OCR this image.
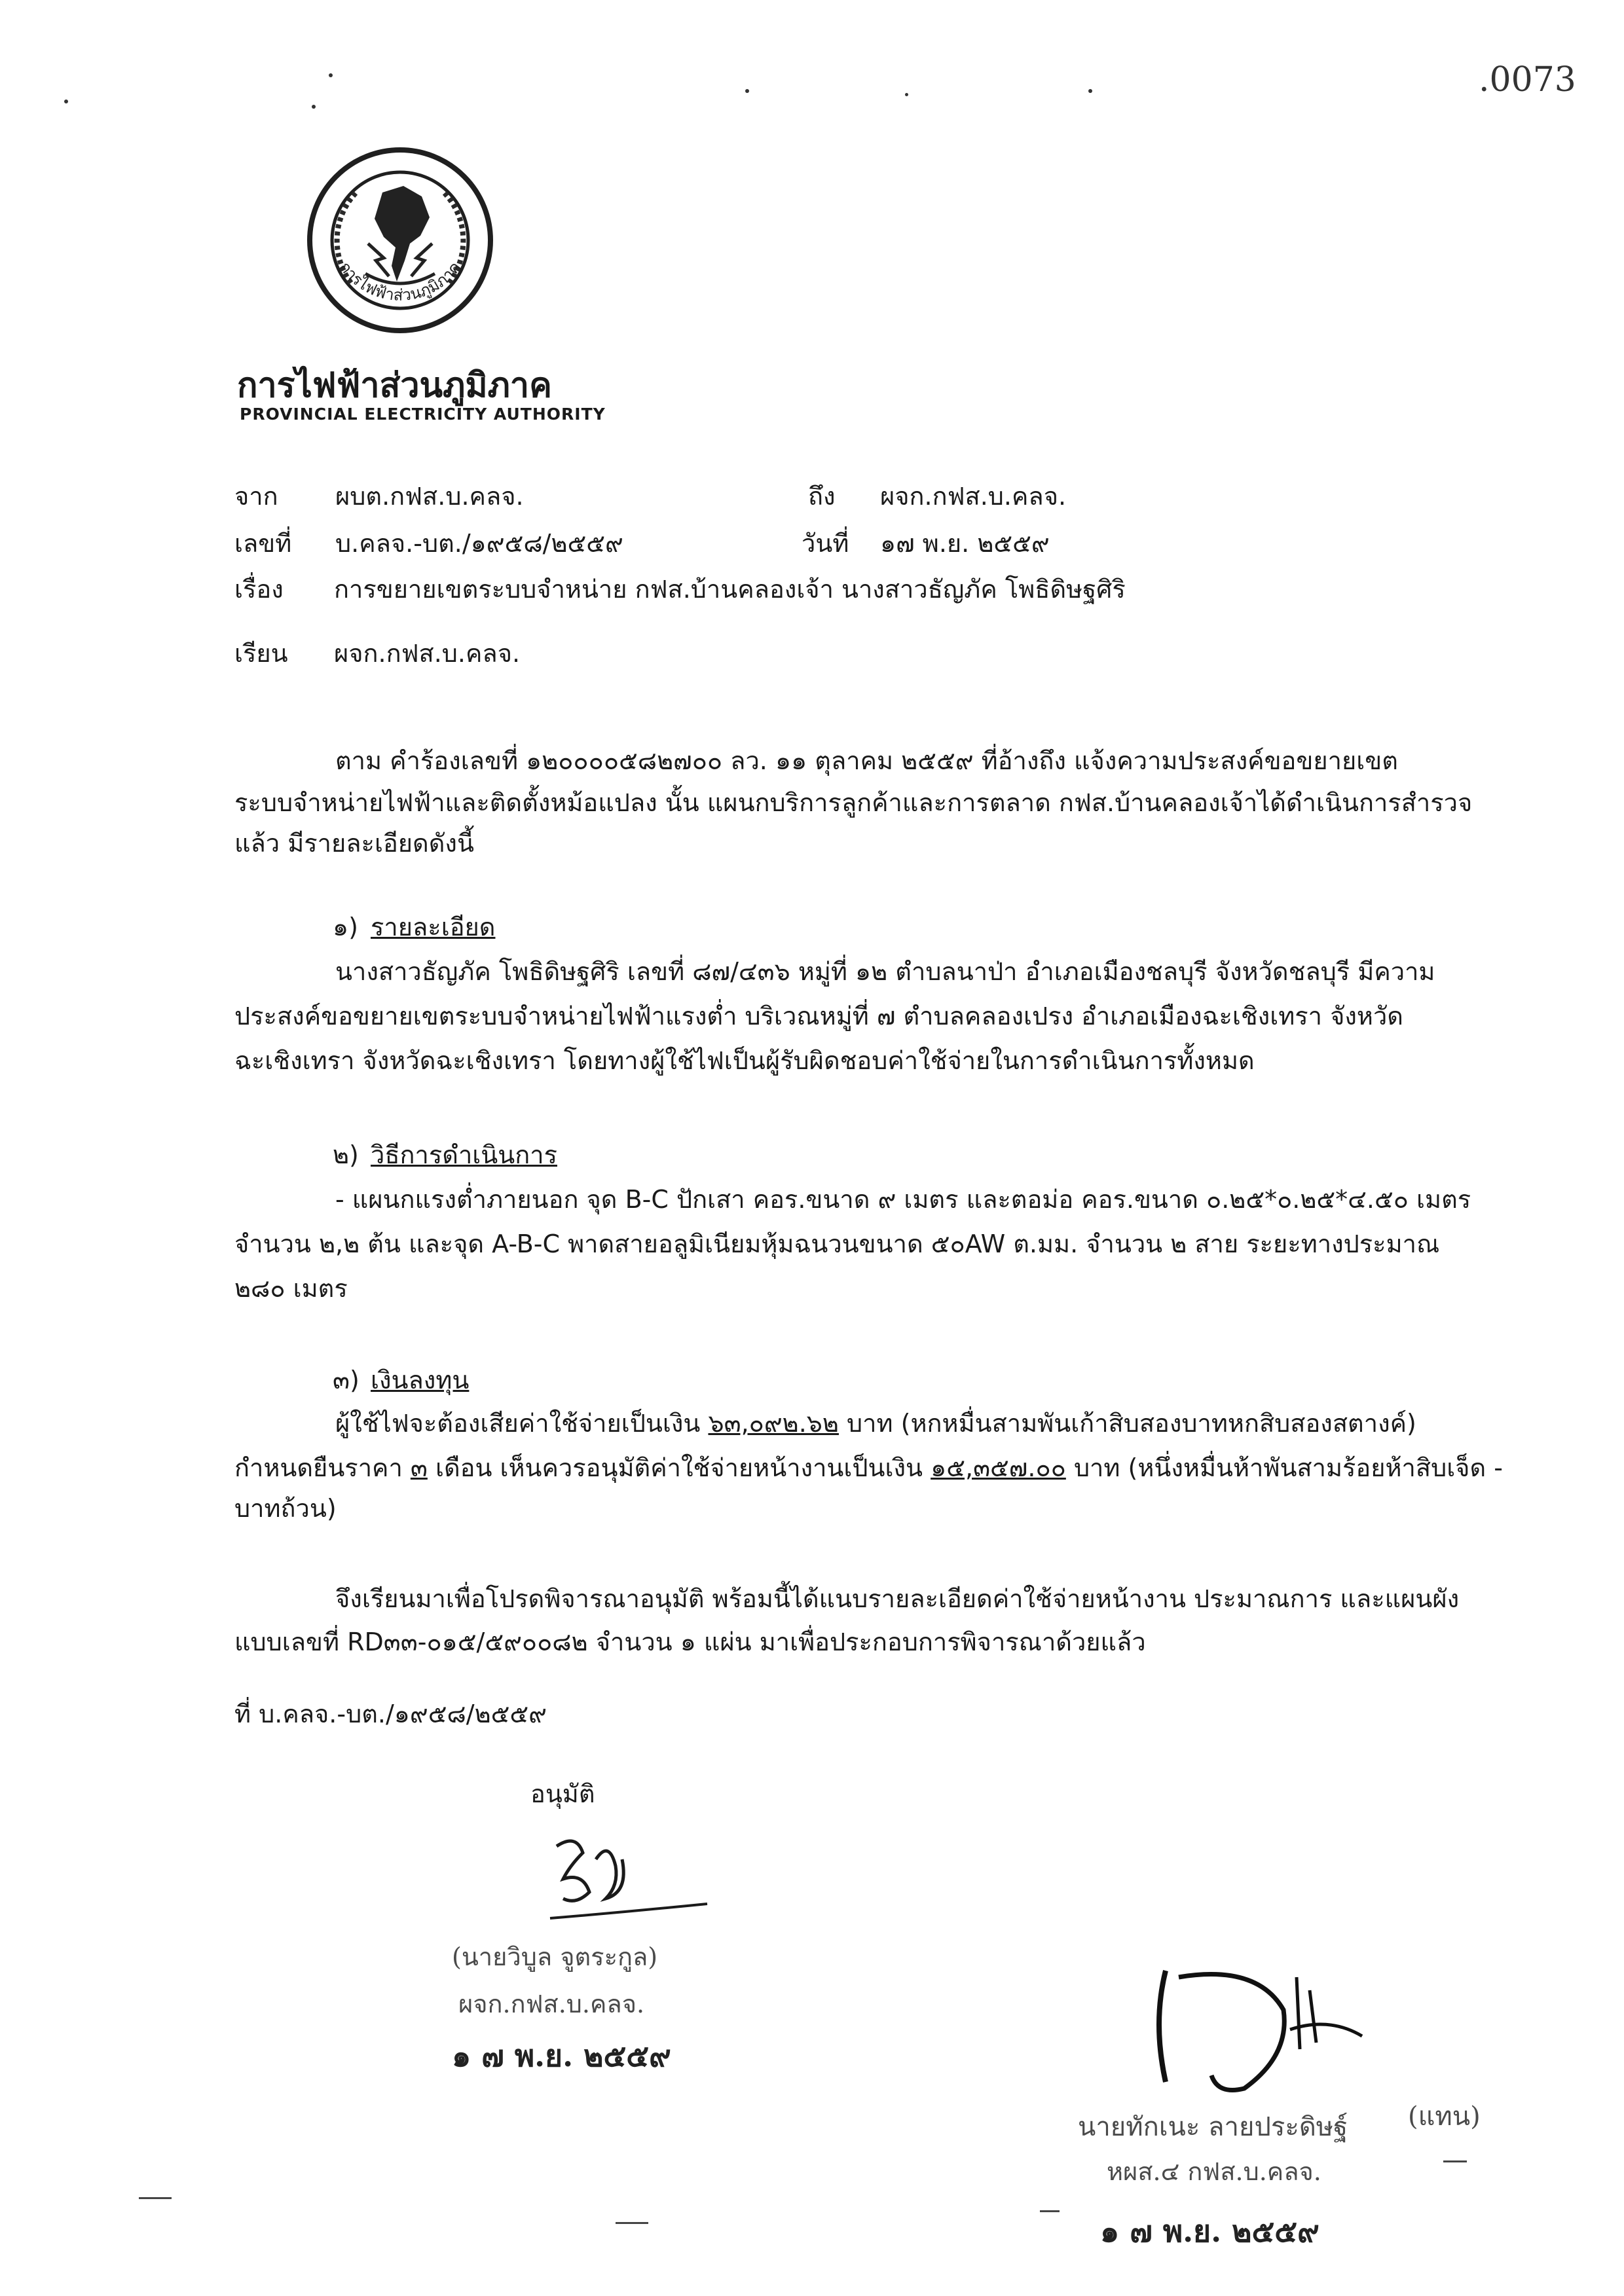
.0073
การไฟฟ้าส่วนภูมิภาค
การไฟฟ้าส่วนภูมิภาค
PROVINCIAL ELECTRICITY AUTHORITY
จาก ผบต.กฟส.บ.คลจ.	ถึง ผจก.กฟส.บ.คลจ.
เลขที่ บ.คลจ.-บต./๑๙๕๘/๒๕๕๙	วันที่ ๑๗ พ.ย. ๒๕๕๙
เรื่อง การขยายเขตระบบจำหน่าย กฟส.บ้านคลองเจ้า นางสาวธัญภัค โพธิดิษฐศิริ
เรียน ผจก.กฟส.บ.คลจ.
ตาม คำร้องเลขที่ ๑๒๐๐๐๐๕๘๒๗๐๐ ลว. ๑๑ ตุลาคม ๒๕๕๙ ที่อ้างถึง แจ้งความประสงค์ขอขยายเขต
ระบบจำหน่ายไฟฟ้าและติดตั้งหม้อแปลง นั้น แผนกบริการลูกค้าและการตลาด กฟส.บ้านคลองเจ้าได้ดำเนินการสำรวจ
แล้ว มีรายละเอียดดังนี้
๑) รายละเอียด
นางสาวธัญภัค โพธิดิษฐศิริ เลขที่ ๘๗/๔๓๖ หมู่ที่ ๑๒ ตำบลนาป่า อำเภอเมืองชลบุรี จังหวัดชลบุรี มีความ
ประสงค์ขอขยายเขตระบบจำหน่ายไฟฟ้าแรงต่ำ บริเวณหมู่ที่ ๗ ตำบลคลองเปรง อำเภอเมืองฉะเชิงเทรา จังหวัด
ฉะเชิงเทรา จังหวัดฉะเชิงเทรา โดยทางผู้ใช้ไฟเป็นผู้รับผิดชอบค่าใช้จ่ายในการดำเนินการทั้งหมด
๒) วิธีการดำเนินการ
- แผนกแรงต่ำภายนอก จุด B-C ปักเสา คอร.ขนาด ๙ เมตร และตอม่อ คอร.ขนาด ๐.๒๕*๐.๒๕*๔.๕๐ เมตร
จำนวน ๒,๒ ต้น และจุด A-B-C พาดสายอลูมิเนียมหุ้มฉนวนขนาด ๕๐AW ต.มม. จำนวน ๒ สาย ระยะทางประมาณ
๒๘๐ เมตร
๓) เงินลงทุน
ผู้ใช้ไฟจะต้องเสียค่าใช้จ่ายเป็นเงิน ๖๓,๐๙๒.๖๒ บาท (หกหมื่นสามพันเก้าสิบสองบาทหกสิบสองสตางค์)
กำหนดยืนราคา ๓ เดือน เห็นควรอนุมัติค่าใช้จ่ายหน้างานเป็นเงิน ๑๕,๓๕๗.๐๐ บาท (หนึ่งหมื่นห้าพันสามร้อยห้าสิบเจ็ด -
บาทถ้วน)
จึงเรียนมาเพื่อโปรดพิจารณาอนุมัติ พร้อมนี้ได้แนบรายละเอียดค่าใช้จ่ายหน้างาน ประมาณการ และแผนผัง
แบบเลขที่ RD๓๓-๐๑๕/๕๙๐๐๘๒ จำนวน ๑ แผ่น มาเพื่อประกอบการพิจารณาด้วยแล้ว
ที่ บ.คลจ.-บต./๑๙๕๘/๒๕๕๙
อนุมัติ
(นายวิบูล จูตระกูล)
ผจก.กฟส.บ.คลจ.
๑ ๗ พ.ย. ๒๕๕๙
นายทักเนะ ลายประดิษฐ์ (แทน)
หผส.๔ กฟส.บ.คลจ.
๑ ๗ พ.ย. ๒๕๕๙
